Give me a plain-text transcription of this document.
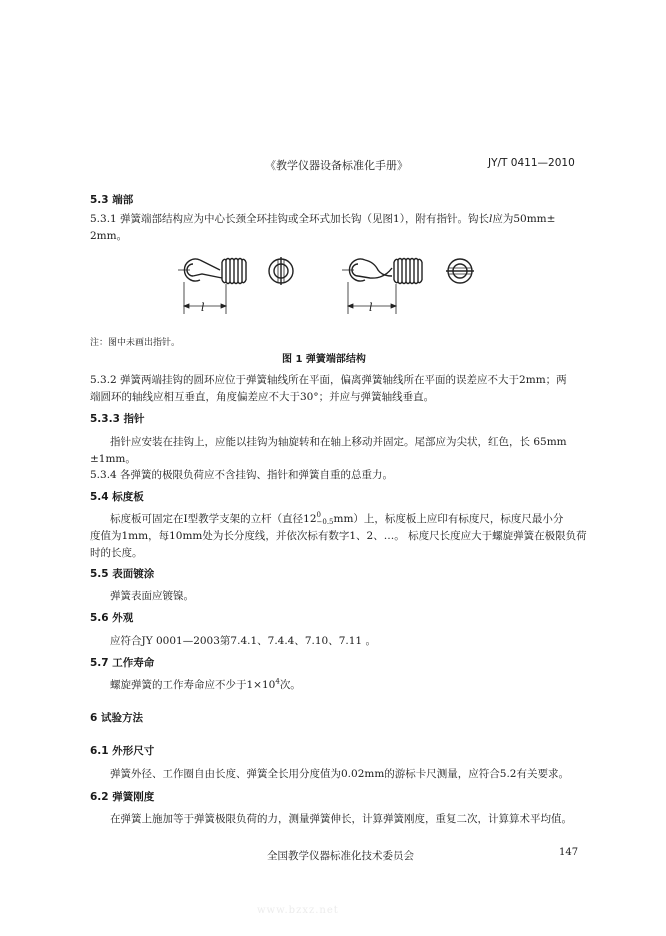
《教学仪器设备标准化手册》	JY/T 0411—2010
5.3 端部
5.3.1 弹簧端部结构应为中心长颈全环挂钩或全环式加长钩（见图1），附有指针。钩长l应为50mm±
2mm。
l	l
注：图中未画出指针。
图 1 弹簧端部结构
5.3.2 弹簧两端挂钩的圆环应位于弹簧轴线所在平面，偏离弹簧轴线所在平面的误差应不大于2mm；两
端圆环的轴线应相互垂直，角度偏差应不大于30°；并应与弹簧轴线垂直。
5.3.3 指针
指针应安装在挂钩上，应能以挂钩为轴旋转和在轴上移动并固定。尾部应为尖状，红色，长 65mm
±1mm。
5.3.4 各弹簧的极限负荷应不含挂钩、指针和弹簧自重的总重力。
5.4 标度板
标度板可固定在I型教学支架的立杆（直径12 0
−0.5 mm）上，标度板上应印有标度尺，标度尺最小分
度值为1mm，每10mm处为长分度线，并依次标有数字1、2、…。 标度尺长度应大于螺旋弹簧在极限负荷
时的长度。
5.5 表面镀涂
弹簧表面应镀镍。
5.6 外观
应符合JY 0001—2003第7.4.1、7.4.4、7.10、7.11 。
5.7 工作寿命
螺旋弹簧的工作寿命应不少于$1\times 10^4$次。
6 试验方法
6.1 外形尺寸
弹簧外径、工作圈自由长度、弹簧全长用分度值为0.02mm的游标卡尺测量，应符合5.2有关要求。
6.2 弹簧刚度
在弹簧上施加等于弹簧极限负荷的力，测量弹簧伸长，计算弹簧刚度，重复二次，计算算术平均值。
全国教学仪器标准化技术委员会	147
www.bzxz.net
